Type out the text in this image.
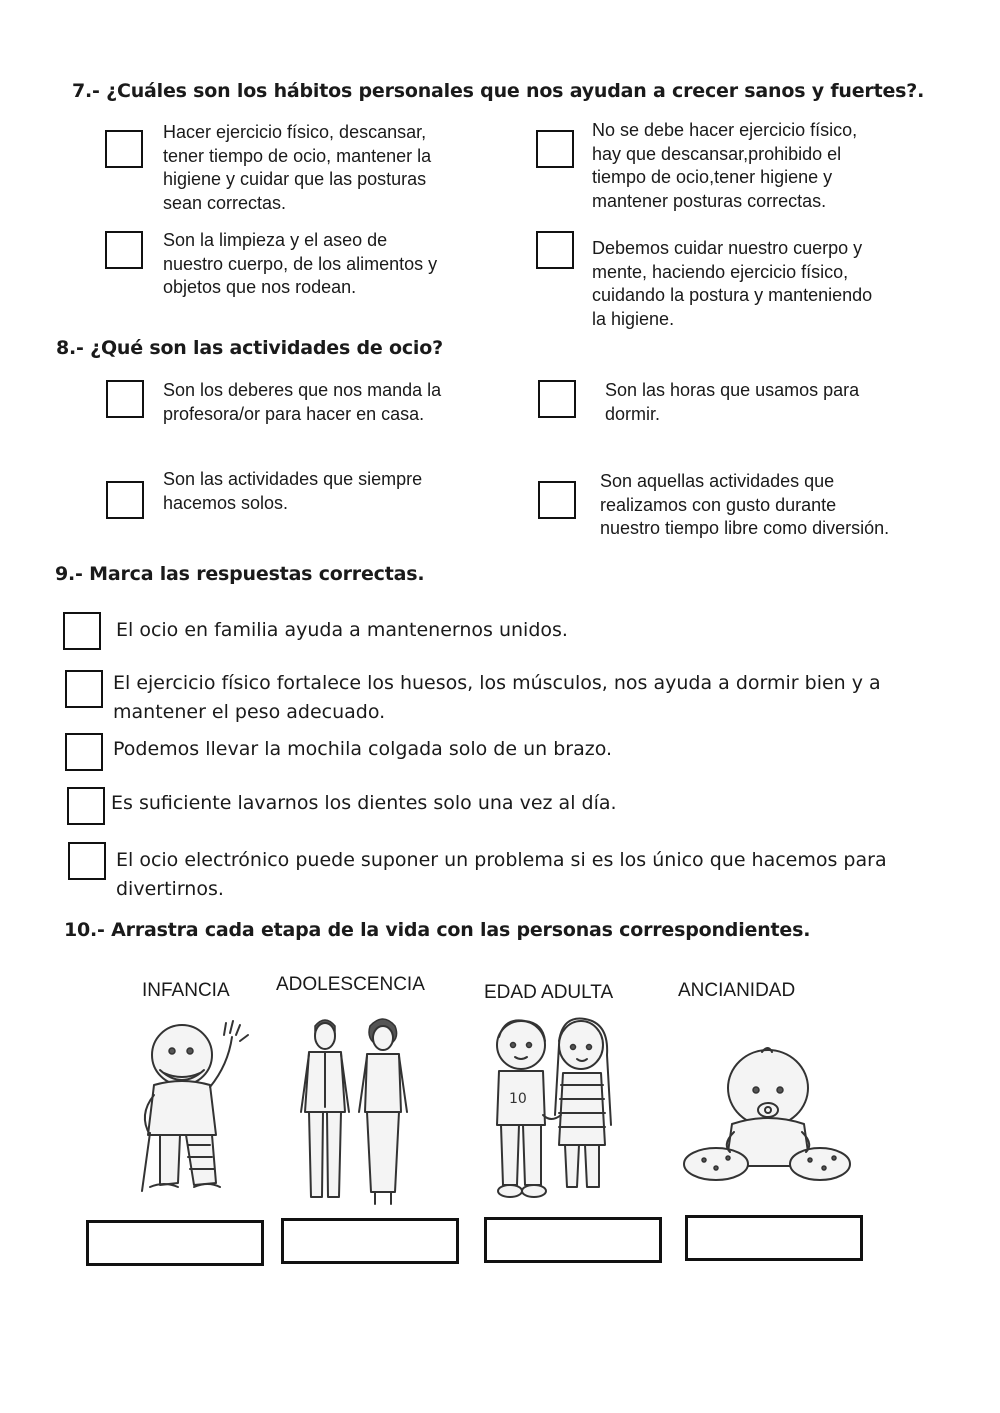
7.- ¿Cuáles son los hábitos personales que nos ayudan a crecer sanos y fuertes?.
Hacer ejercicio físico, descansar,
tener tiempo de ocio, mantener la
higiene y cuidar que las posturas
sean correctas.
No se debe hacer ejercicio físico,
hay que descansar,prohibido el
tiempo de ocio,tener higiene y
mantener posturas correctas.
Son la limpieza y el aseo de
nuestro cuerpo, de los alimentos y
objetos que nos rodean.
Debemos cuidar nuestro cuerpo y
mente, haciendo ejercicio físico,
cuidando la postura y manteniendo
la higiene.
8.- ¿Qué son las actividades de ocio?
Son los deberes que nos manda la
profesora/or para hacer en casa.
Son las horas que usamos para
dormir.
Son las actividades que siempre
hacemos solos.
Son aquellas actividades que
realizamos con gusto durante
nuestro tiempo libre como diversión.
9.- Marca las respuestas correctas.
El ocio en familia ayuda a mantenernos unidos.
El ejercicio físico fortalece los huesos, los músculos, nos ayuda a dormir bien y a mantener el peso adecuado.
Podemos llevar la mochila colgada solo de un brazo.
Es suficiente lavarnos los dientes solo una vez al día.
El ocio electrónico puede suponer un problema si es los único que hacemos para divertirnos.
10.- Arrastra cada etapa de la vida con las personas correspondientes.
INFANCIA ADOLESCENCIA	EDAD ADULTA	ANCIANIDAD
10
